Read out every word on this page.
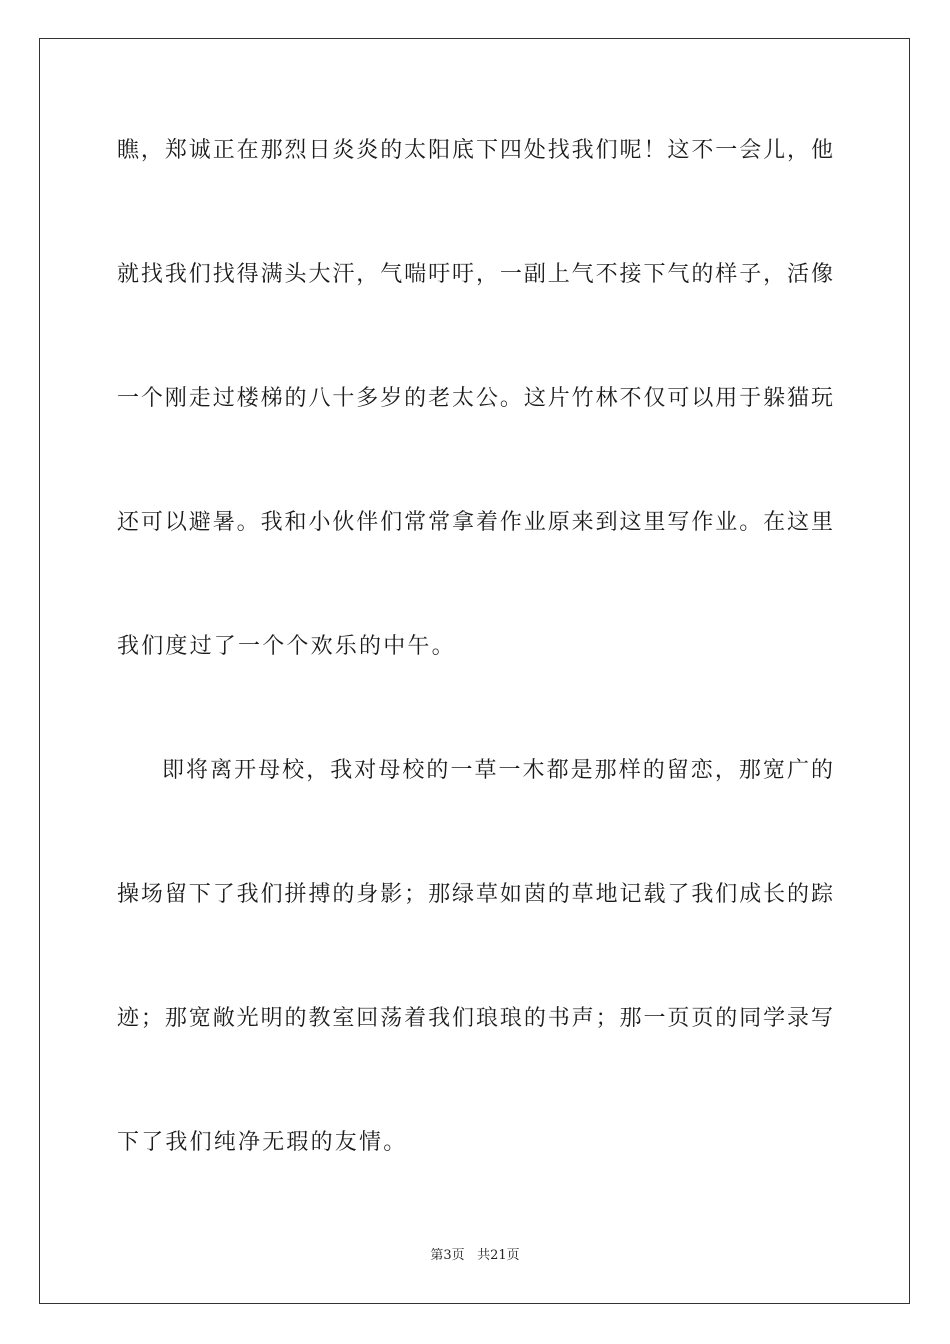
瞧，郑诚正在那烈日炎炎的太阳底下四处找我们呢！这不一会儿，他
就找我们找得满头大汗，气喘吁吁，一副上气不接下气的样子，活像
一个刚走过楼梯的八十多岁的老太公。这片竹林不仅可以用于躲猫玩
还可以避暑。我和小伙伴们常常拿着作业原来到这里写作业。在这里
我们度过了一个个欢乐的中午。
即将离开母校，我对母校的一草一木都是那样的留恋，那宽广的
操场留下了我们拼搏的身影；那绿草如茵的草地记载了我们成长的踪
迹；那宽敞光明的教室回荡着我们琅琅的书声；那一页页的同学录写
下了我们纯净无瑕的友情。
第3页 共21页
